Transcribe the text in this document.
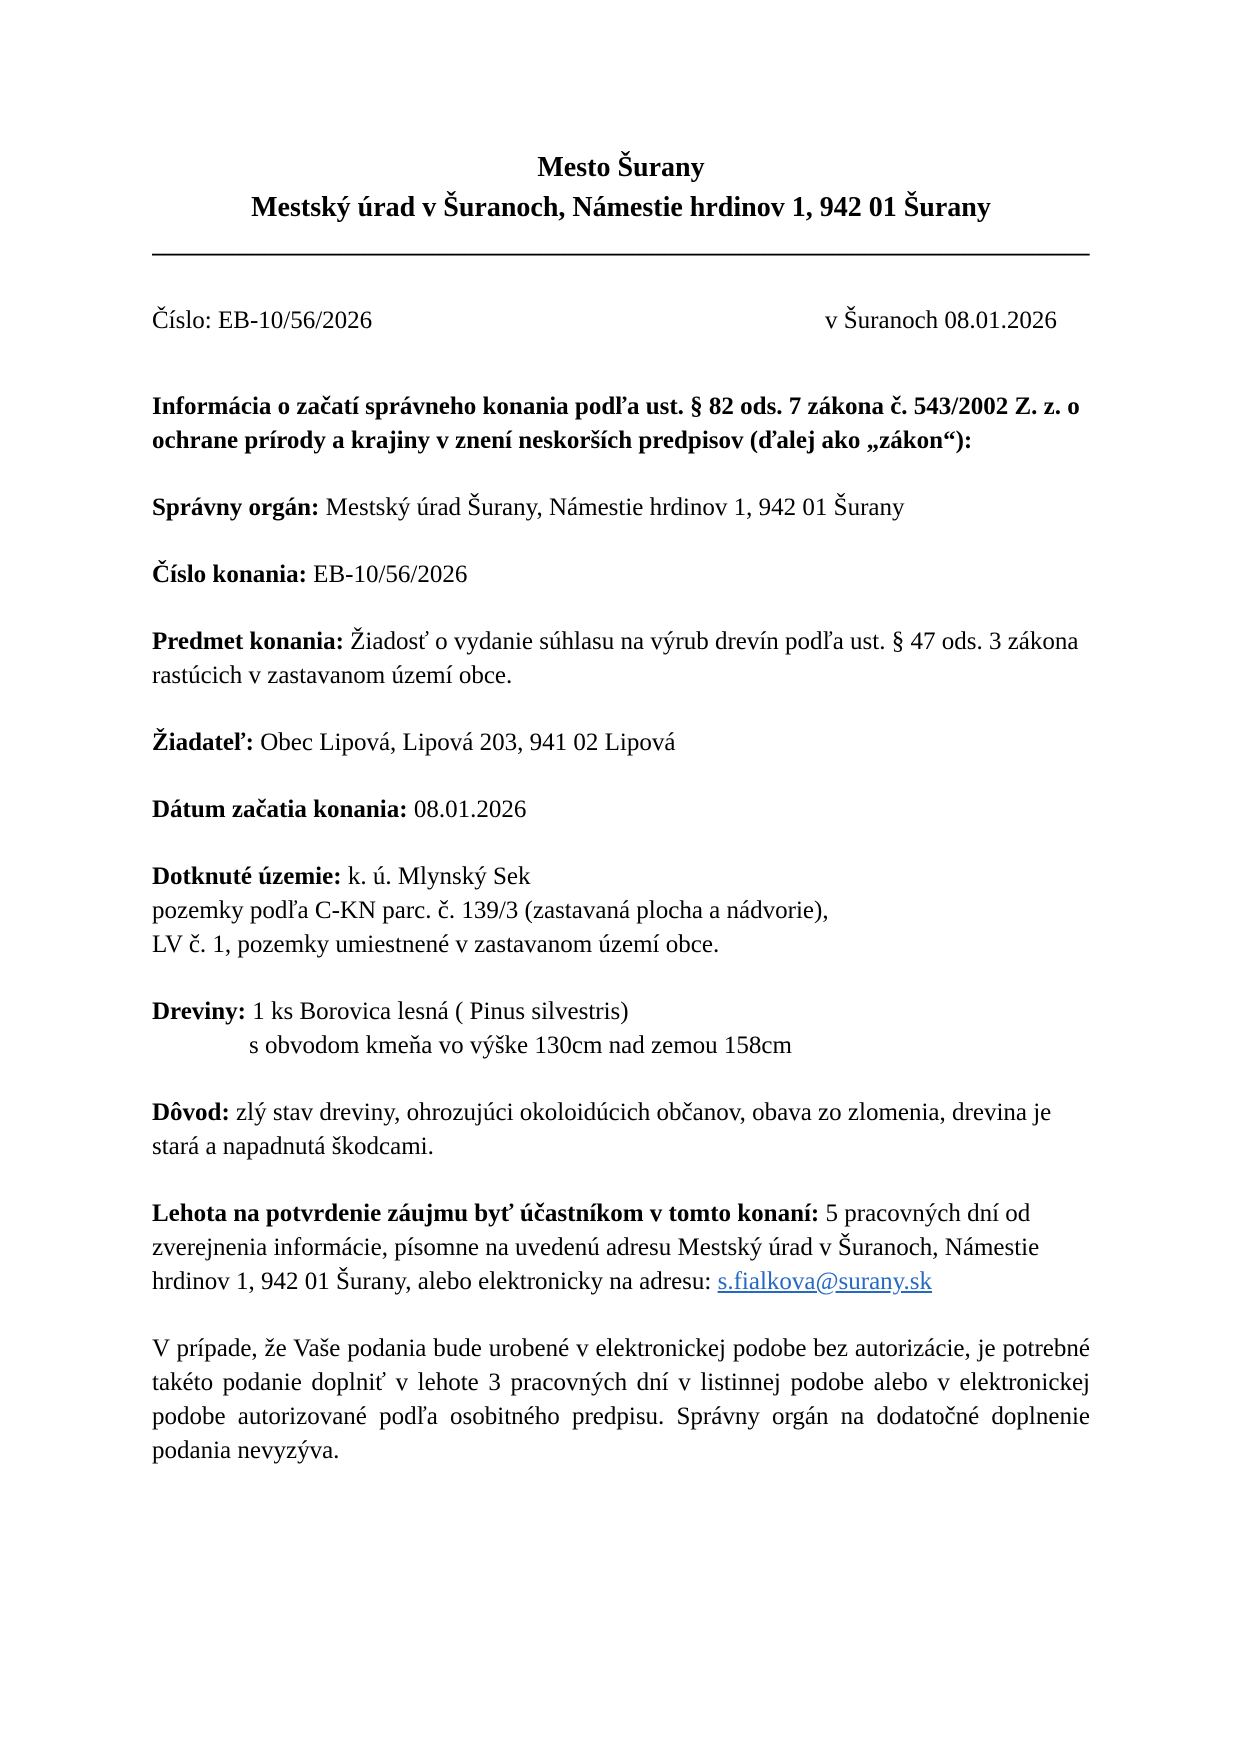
Mesto Šurany
Mestský úrad v Šuranoch, Námestie hrdinov 1, 942 01 Šurany
___________________________________________________________________________
Číslo: EB-10/56/2026	v Šuranoch 08.01.2026

Informácia o začatí správneho konania podľa ust. § 82 ods. 7 zákona č. 543/2002 Z. z. o ochrane prírody a krajiny v znení neskorších predpisov (ďalej ako „zákon“):

Správny orgán: Mestský úrad Šurany, Námestie hrdinov 1, 942 01 Šurany

Číslo konania: EB-10/56/2026

Predmet konania: Žiadosť o vydanie súhlasu na výrub drevín podľa ust. § 47 ods. 3 zákona rastúcich v zastavanom území obce.

Žiadateľ: Obec Lipová, Lipová 203, 941 02 Lipová

Dátum začatia konania: 08.01.2026

Dotknuté územie: k. ú. Mlynský Sek
pozemky podľa C-KN parc. č. 139/3 (zastavaná plocha a nádvorie),
LV č. 1, pozemky umiestnené v zastavanom území obce.

Dreviny: 1 ks Borovica lesná ( Pinus silvestris)
s obvodom kmeňa vo výške 130cm nad zemou 158cm

Dôvod: zlý stav dreviny, ohrozujúci okoloidúcich občanov, obava zo zlomenia, drevina je stará a napadnutá škodcami.

Lehota na potvrdenie záujmu byť účastníkom v tomto konaní: 5 pracovných dní od zverejnenia informácie, písomne na uvedenú adresu Mestský úrad v Šuranoch, Námestie hrdinov 1, 942 01 Šurany, alebo elektronicky na adresu: s.fialkova@surany.sk

V prípade, že Vaše podania bude urobené v elektronickej podobe bez autorizácie, je potrebné takéto podanie doplniť v lehote 3 pracovných dní v listinnej podobe alebo v elektronickej podobe autorizované podľa osobitného predpisu. Správny orgán na dodatočné doplnenie podania nevyzýva.
